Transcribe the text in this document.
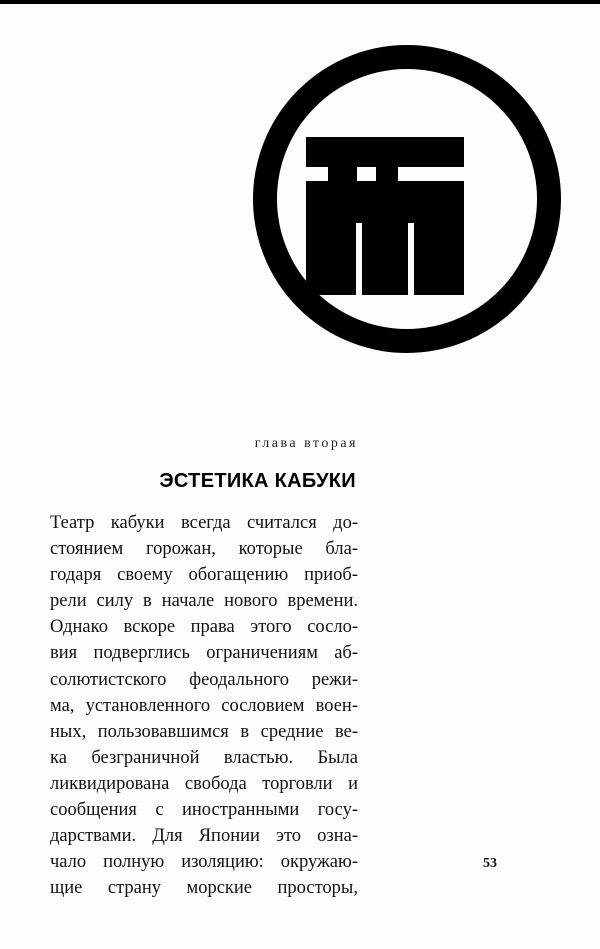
глава вторая
ЭСТЕТИКА КАБУКИ
Театр кабуки всегда считался до-
стоянием горожан, которые бла-
годаря своему обогащению приоб-
рели силу в начале нового времени.
Однако вскоре права этого сосло-
вия подверглись ограничениям аб-
солютистского феодального режи-
ма, установленного сословием воен-
ных, пользовавшимся в средние ве-
ка безграничной властью. Была
ликвидирована свобода торговли и
сообщения с иностранными госу-
дарствами. Для Японии это озна-
чало полную изоляцию: окружаю-
щие страну морские просторы,
53
